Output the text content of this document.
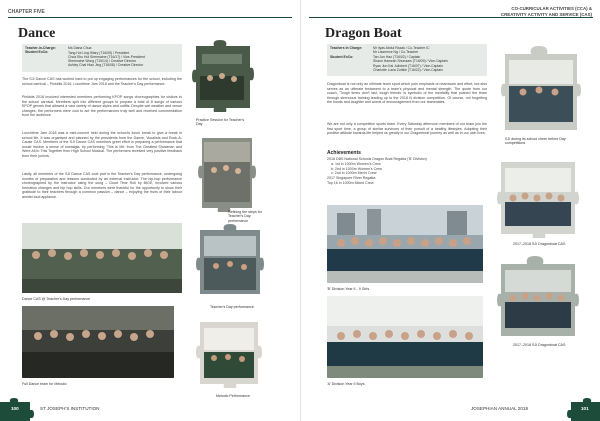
CHAPTER FIVE
Dance
Teacher-in-Charge:	Ms Diana Chua
Student ExCo:	Tang Hui Ling Hilary (T16/05) / President
Chua Shu Hui Shermaine (T16/17) / Vice-President
Shermaine Wong (T15/14) / Creative Director
Ashley Chai Hiao Jing (T16/08) / Creative Director
The SJI Dance CAS has worked hard to put up engaging performances for the school, including the school carnival – Pinkbits 2016, Lunchtime Jam 2018 and the Teacher's Day performance.
Pinkbits 2018 involved interested members performing KPOP songs choreographies for visitors to the school carnival. Members split into different groups to prepare a total of 8 songs of various KPOP genres that allowed a vast variety of dance styles and outfits. Despite wet weather and venue changes, the performers were cool to act the performances truly well and received commendation from the audience.
Lunchtime Jam 2018 was a mini-concert held during the school's lunch break to give a break in school life. It was organised and planned by the presidents from the Dance, Vocalists and Rock-A-Cause CAS. Members of the SJI Dance CAS members greet effort in preparing a performance that would involve a sense of nostalgia, by performing 'This is Me' from The Greatest Showman and Were All In This Together from High School Musical. The performers received very positive feedback from their juniors.
Lastly, all members of the SJI Dance CAS took part in the Teacher's Day performance, undergoing months of preparation and lessons conducted by an external instructor. The hip-hop performance choreographed by the instructor using the song – Good Time Roll by BIGE, involved various formation changes and hip hop skills. Our members were thankful for the opportunity to show their gratitude to their teachers through a common passion – dance – enjoying the fruits of their labour amidst loud applause.
Practice Session for Teacher's Day
Refining the steps for Teacher's Day performance
Teacher's Day performance
Melodic Performance
Dance CAS @ Teacher's Day performance
Full Dance team for Melodic
100	ST JOSEPH'S INSTITUTION
CO-CURRICULAR ACTIVITIES (CCA) &
CREATIVITY ACTIVITY AND SERVICE (CAS)
Dragon Boat
Teachers in Charge:	Mr Ilyas Abdul Razak / Co-Teacher IC
Mr Lawrence Ng / Co-Teacher
Student ExCo:	Tan Jun Hao (T16/02) / Captain
Shaun Hamzah Shunaam (T16/09) / Vice-Captain
Ryan Jun Kai Juliobert (T16/07) / Vice-Captain
Charlotte Lucia Zuhlke (T16/22) / Vice-Captain
Dragonboat is not only an ultimate team sport which puts emphasis on teamwork and effort, but also serves as an ultimate testament to a team's physical and mental strength. The quote from our coach, 'Tough times don't last, tough friends' is symbolic of the mentality that pushed the team through strenuous training leading up to the 2018 N division competition. Of course, not forgetting the bonds and laughter and words of encouragement from our teammates.
We are not only a competitive sports team. Every Saturday afternoon members of our team join the first sport time, a group of similar survivors of their pursuit of a healthy lifestyles. Adopting their positive attitude towards life helped us greatly in our Dragonboat journey as well as in our own lives.
Achievements
2018 DBS National Schools Dragon Boat Regatta ('B' Division)
a. 1st in 1000m Women's Crew
b. 2nd in 1000m Women's Crew
c. 2nd in 1000m Men's Crew
2017 Singapore River Regatta
Top 16 in 1000m Mixed Crew
'B' Division Year II - 9 Girls
'A' Division Year II Boys
SJI during its school cheer before Day competitions
2017–2018 SJI Dragonboat CAS
2017–2018 SJI Dragonboat CAS
JOSEPHIAN ANNUAL 2018	101
